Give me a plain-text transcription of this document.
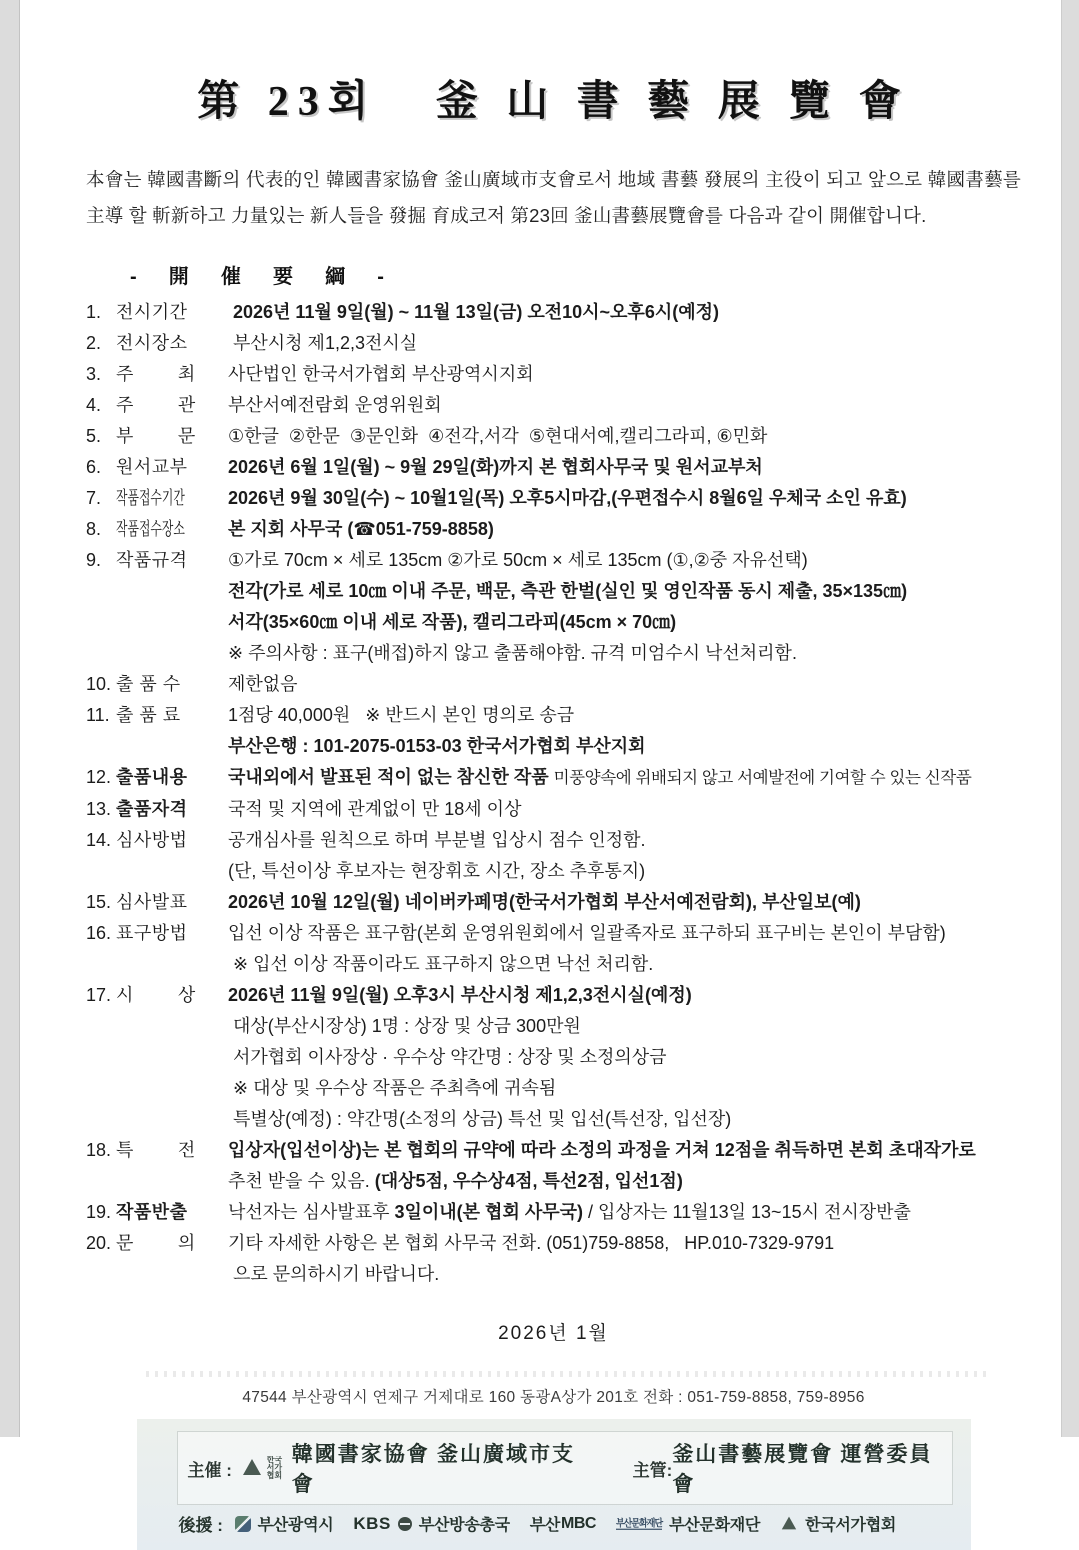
第 23회   釜 山 書 藝 展 覽 會

本會는 韓國書斷의 代表的인 韓國書家協會 釜山廣域市支會로서 地域 書藝 發展의 主役이 되고 앞으로 韓國書藝를 主導 할 斬新하고 力量있는 新人들을 發掘 育成코저 第23回 釜山書藝展覽會를 다음과 같이 開催합니다.

-  開  催  要  綱  -
1. 전시기간	2026년 11월 9일(월) ~ 11월 13일(금) 오전10시~오후6시(예정)
2. 전시장소	부산시청 제1,2,3전시실
3. 주        최	사단법인 한국서가협회 부산광역시지회
4. 주        관	부산서예전람회 운영위원회
5. 부        문	①한글  ②한문  ③문인화  ④전각,서각  ⑤현대서예,캘리그라피, ⑥민화
6. 원서교부	2026년 6월 1일(월) ~ 9월 29일(화)까지 본 협회사무국 및 원서교부처
7. 작품접수기간 2026년 9월 30일(수) ~ 10월1일(목) 오후5시마감,(우편접수시 8월6일 우체국 소인 유효)
8. 작품접수장소 본 지회 사무국 (☎051-759-8858)
9. 작품규격	①가로 70cm × 세로 135cm ②가로 50cm × 세로 135cm (①,②중 자유선택)
전각(가로 세로 10㎝ 이내 주문, 백문, 측관 한벌(실인 및 영인작품 동시 제출, 35×135㎝)
서각(35×60㎝ 이내 세로 작품), 캘리그라피(45cm × 70㎝)
※ 주의사항 : 표구(배접)하지 않고 출품해야함. 규격 미엄수시 낙선처리함.
10. 출 품 수	제한없음
11. 출 품 료	1점당 40,000원   ※ 반드시 본인 명의로 송금
부산은행 : 101-2075-0153-03 한국서가협회 부산지회
12. 출품내용	국내외에서 발표된 적이 없는 참신한 작품 미풍양속에 위배되지 않고 서예발전에 기여할 수 있는 신작품
13. 출품자격	국적 및 지역에 관계없이 만 18세 이상
14. 심사방법	공개심사를 원칙으로 하며 부분별 입상시 점수 인정함.
(단, 특선이상 후보자는 현장휘호 시간, 장소 추후통지)
15. 심사발표	2026년 10월 12일(월) 네이버카페명(한국서가협회 부산서예전람회), 부산일보(예)
16. 표구방법	입선 이상 작품은 표구함(본회 운영위원회에서 일괄족자로 표구하되 표구비는 본인이 부담함)
※ 입선 이상 작품이라도 표구하지 않으면 낙선 처리함.
17. 시        상	2026년 11월 9일(월) 오후3시 부산시청 제1,2,3전시실(예정)
대상(부산시장상) 1명 : 상장 및 상금 300만원
서가협회 이사장상 · 우수상 약간명 : 상장 및 소정의상금
※ 대상 및 우수상 작품은 주최측에 귀속됨
특별상(예정) : 약간명(소정의 상금) 특선 및 입선(특선장, 입선장)
18. 특        전	입상자(입선이상)는 본 협회의 규약에 따라 소정의 과정을 거쳐 12점을 취득하면 본회 초대작가로
추천 받을 수 있음. (대상5점, 우수상4점, 특선2점, 입선1점)
19. 작품반출	낙선자는 심사발표후 3일이내(본 협회 사무국) / 입상자는 11월13일 13~15시 전시장반출
20. 문        의	기타 자세한 사항은 본 협회 사무국 전화. (051)759-8858,   HP.010-7329-9791
으로 문의하시기 바랍니다.
2026년 1월
47544 부산광역시 연제구 거제대로 160 동광A상가 201호 전화 : 051-759-8858, 759-8956
主催 :
한국서가협회
韓國書家協會 釜山廣域市支會
主管:
釜山書藝展覽會 運營委員會
後援 : 부산광역시 KBS 부산방송총국 부산 MBC 부산문화재단 부산문화재단	한국서가협회
